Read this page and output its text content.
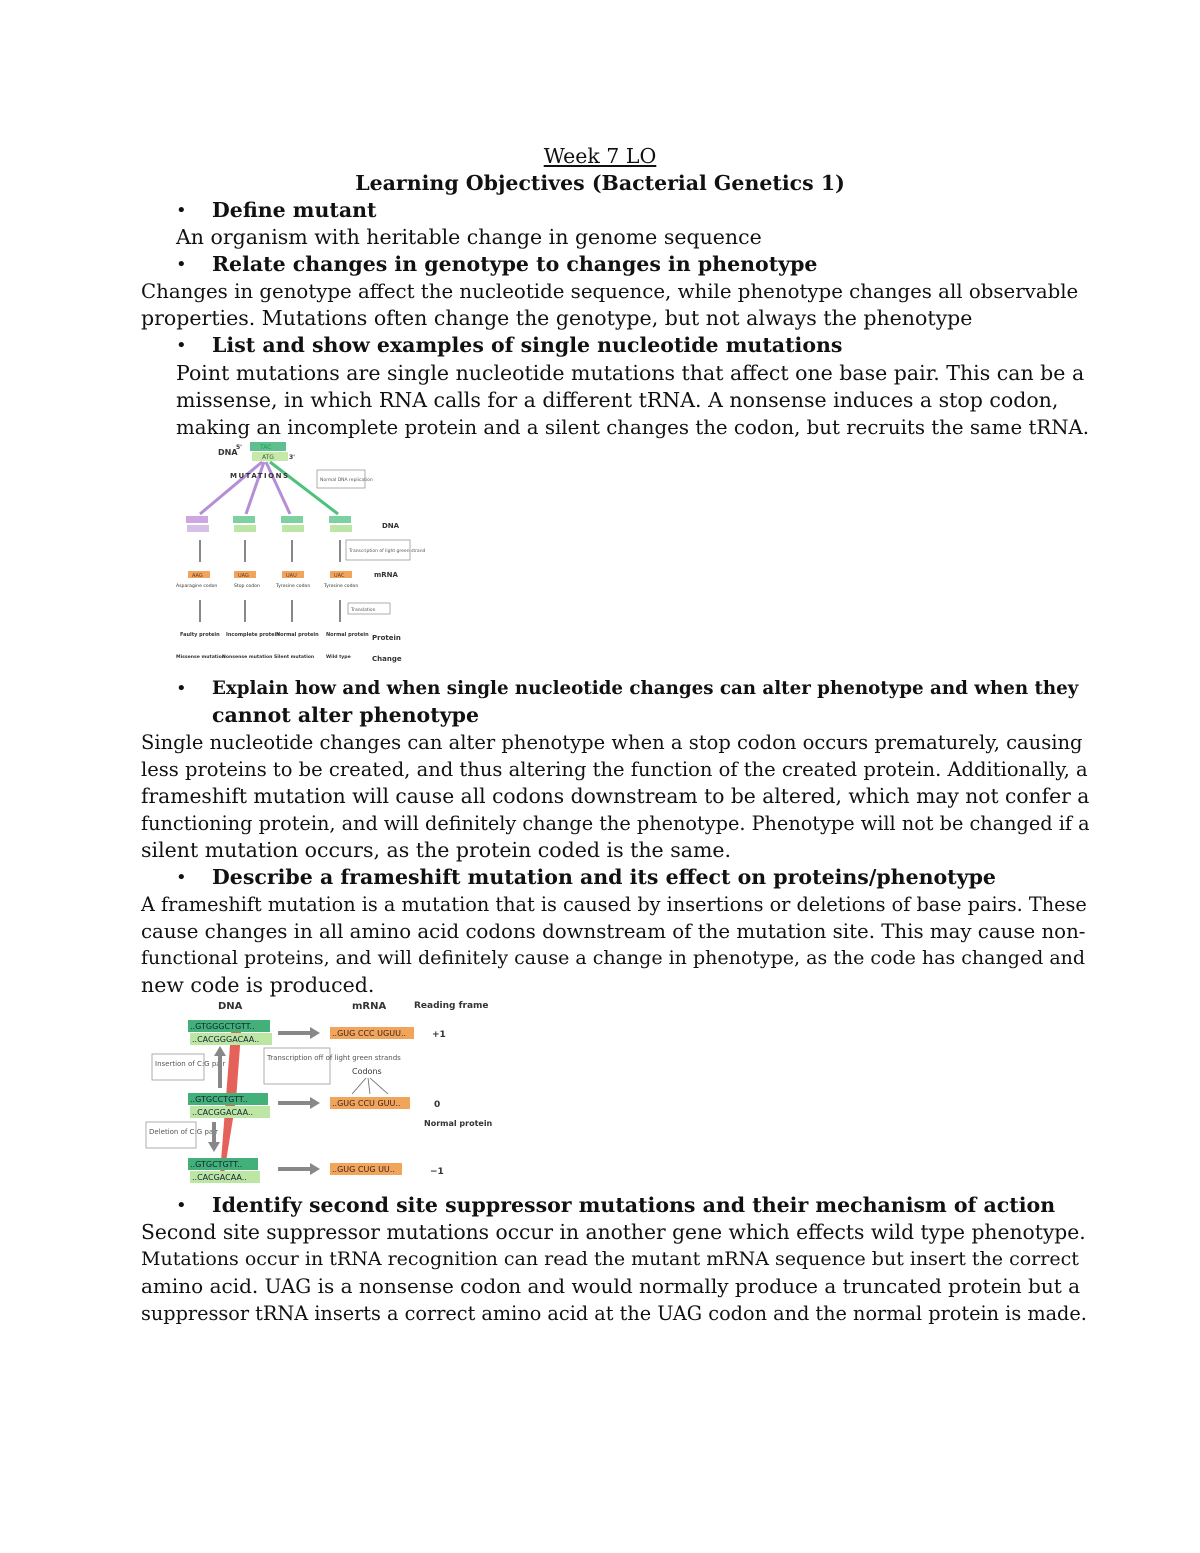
Week 7 LO
Learning Objectives (Bacterial Genetics 1)
• Define mutant
An organism with heritable change in genome sequence
• Relate changes in genotype to changes in phenotype
Changes in genotype affect the nucleotide sequence, while phenotype changes all observable
properties. Mutations often change the genotype, but not always the phenotype
• List and show examples of single nucleotide mutations
Point mutations are single nucleotide mutations that affect one base pair. This can be a
missense, in which RNA calls for a different tRNA. A nonsense induces a stop codon,
making an incomplete protein and a silent changes the codon, but recruits the same tRNA.
DNA
5'	TAC
ATG	3'
MUTATIONS
Normal DNA replication
AAG
Asparagine codon
Faulty protein
Missense mutation
UAG
Stop codon
Incomplete protein
Nonsense mutation
UAU
Tyrosine codon
Normal protein
Silent mutation
UAC
Tyrosine codon
Normal protein
Wild type
Transcription of light green strand
Translation
DNA
mRNA
Protein
Change
• Explain how and when single nucleotide changes can alter phenotype and when they
cannot alter phenotype
Single nucleotide changes can alter phenotype when a stop codon occurs prematurely, causing
less proteins to be created, and thus altering the function of the created protein. Additionally, a
frameshift mutation will cause all codons downstream to be altered, which may not confer a
functioning protein, and will definitely change the phenotype. Phenotype will not be changed if a
silent mutation occurs, as the protein coded is the same.
• Describe a frameshift mutation and its effect on proteins/phenotype
A frameshift mutation is a mutation that is caused by insertions or deletions of base pairs. These
cause changes in all amino acid codons downstream of the mutation site. This may cause non-
functional proteins, and will definitely cause a change in phenotype, as the code has changed and
new code is produced.
DNA	mRNA	Reading frame
..GTGGGCTGTT..
..CACGGGACAA..
..GUG CCC UGUU..	+1
..GTGCCTGTT..
..CACGGACAA..
..GUG CCU GUU..	0
Codons
Normal protein
..GTGCTGTT..
..CACGACAA..
..GUG CUG UU..	−1
Insertion of C:G pair
Transcription off of light green strands
Deletion of C:G pair
• Identify second site suppressor mutations and their mechanism of action
Second site suppressor mutations occur in another gene which effects wild type phenotype.
Mutations occur in tRNA recognition can read the mutant mRNA sequence but insert the correct
amino acid. UAG is a nonsense codon and would normally produce a truncated protein but a
suppressor tRNA inserts a correct amino acid at the UAG codon and the normal protein is made.
